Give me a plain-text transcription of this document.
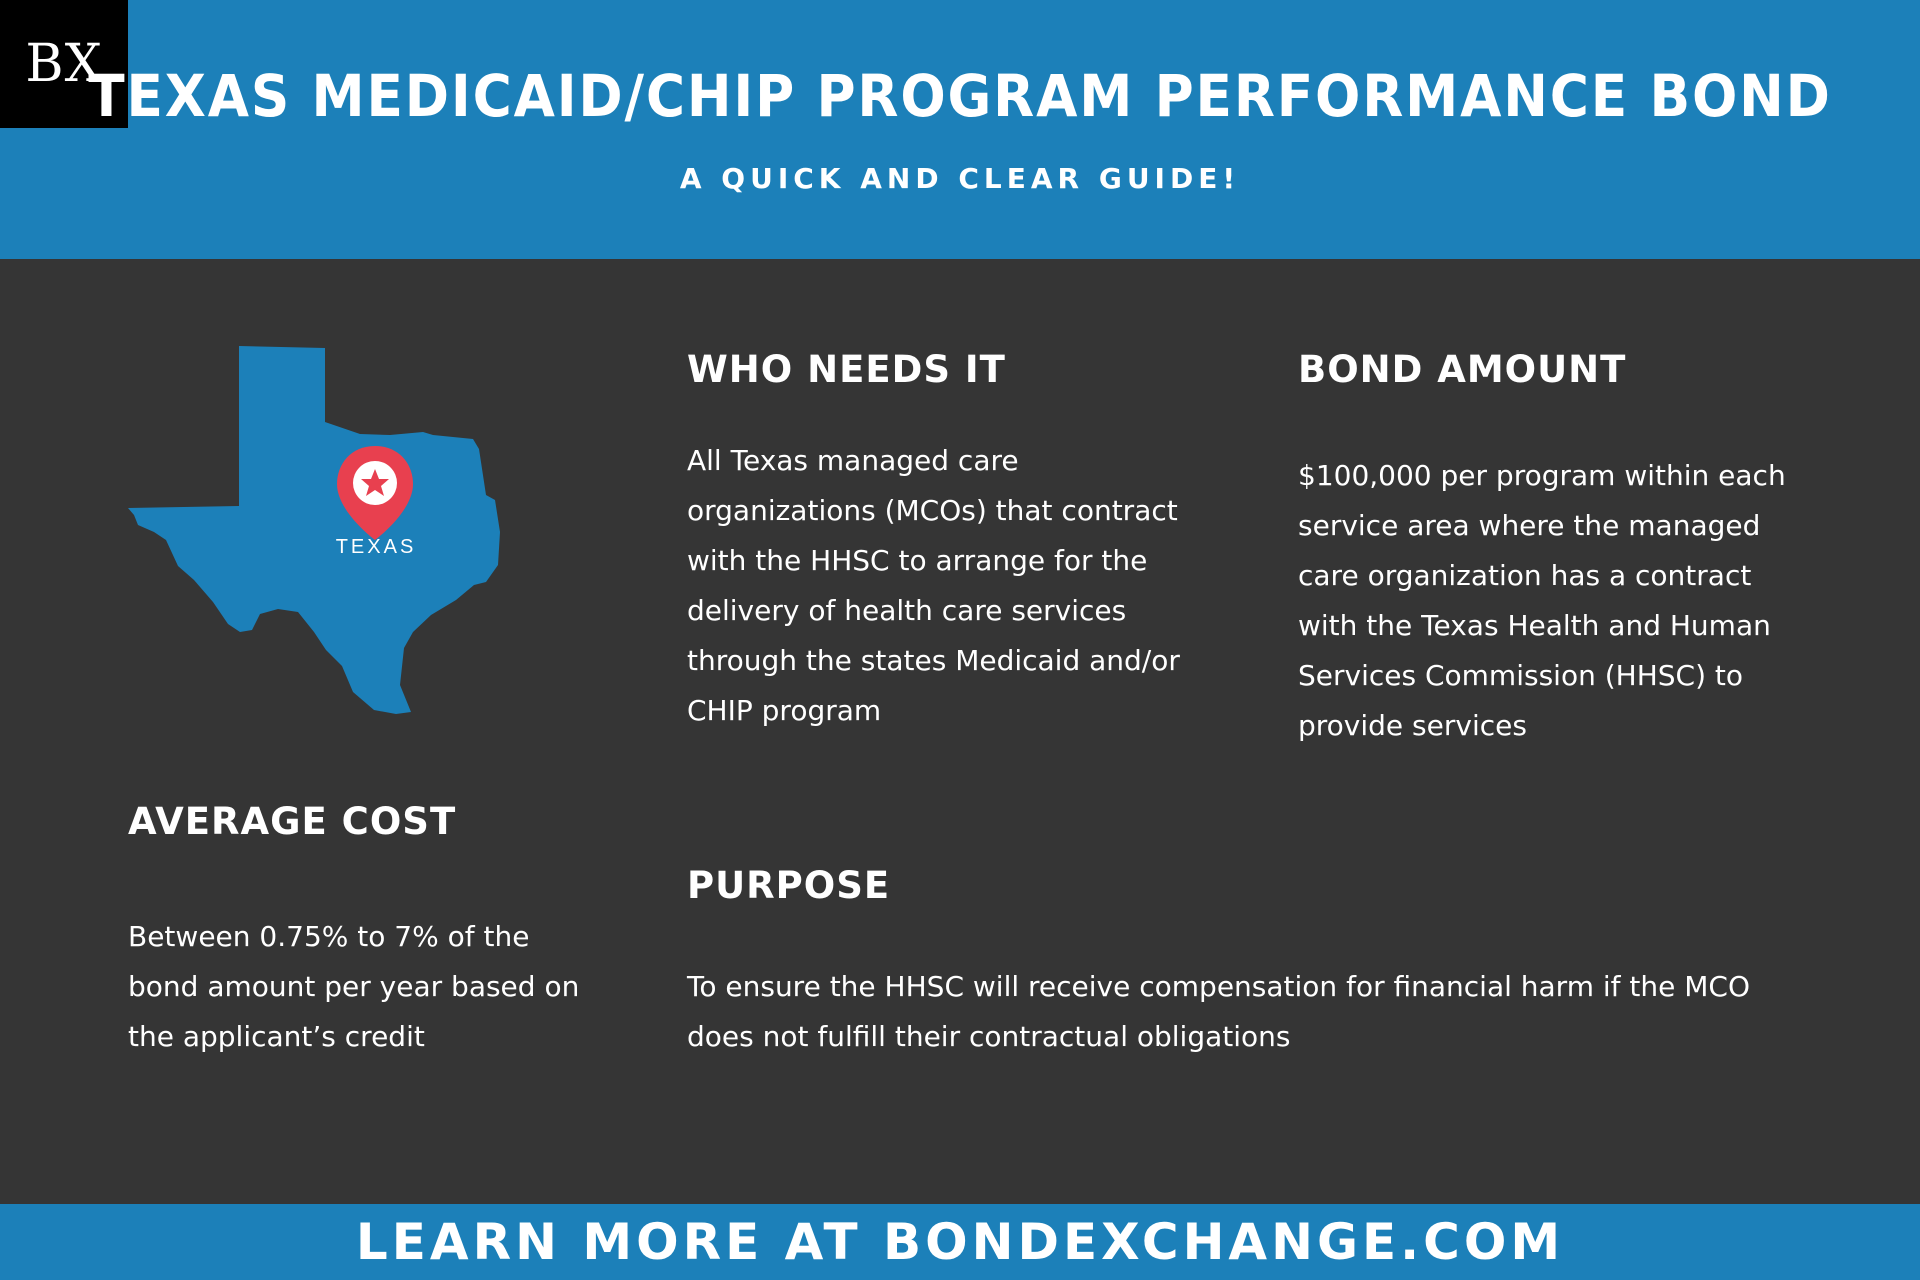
BX
TEXAS MEDICAID/CHIP PROGRAM PERFORMANCE BOND
A QUICK AND CLEAR GUIDE!
TEXAS
WHO NEEDS IT
All Texas managed care organizations (MCOs) that contract with the HHSC to arrange for the delivery of health care services through the states Medicaid and/or CHIP program
BOND AMOUNT
$100,000 per program within each service area where the managed care organization has a contract with the Texas Health and Human Services Commission (HHSC) to provide services
AVERAGE COST
Between 0.75% to 7% of the bond amount per year based on the applicant’s credit
PURPOSE
To ensure the HHSC will receive compensation for financial harm if the MCO does not fulfill their contractual obligations
LEARN MORE AT BONDEXCHANGE.COM
